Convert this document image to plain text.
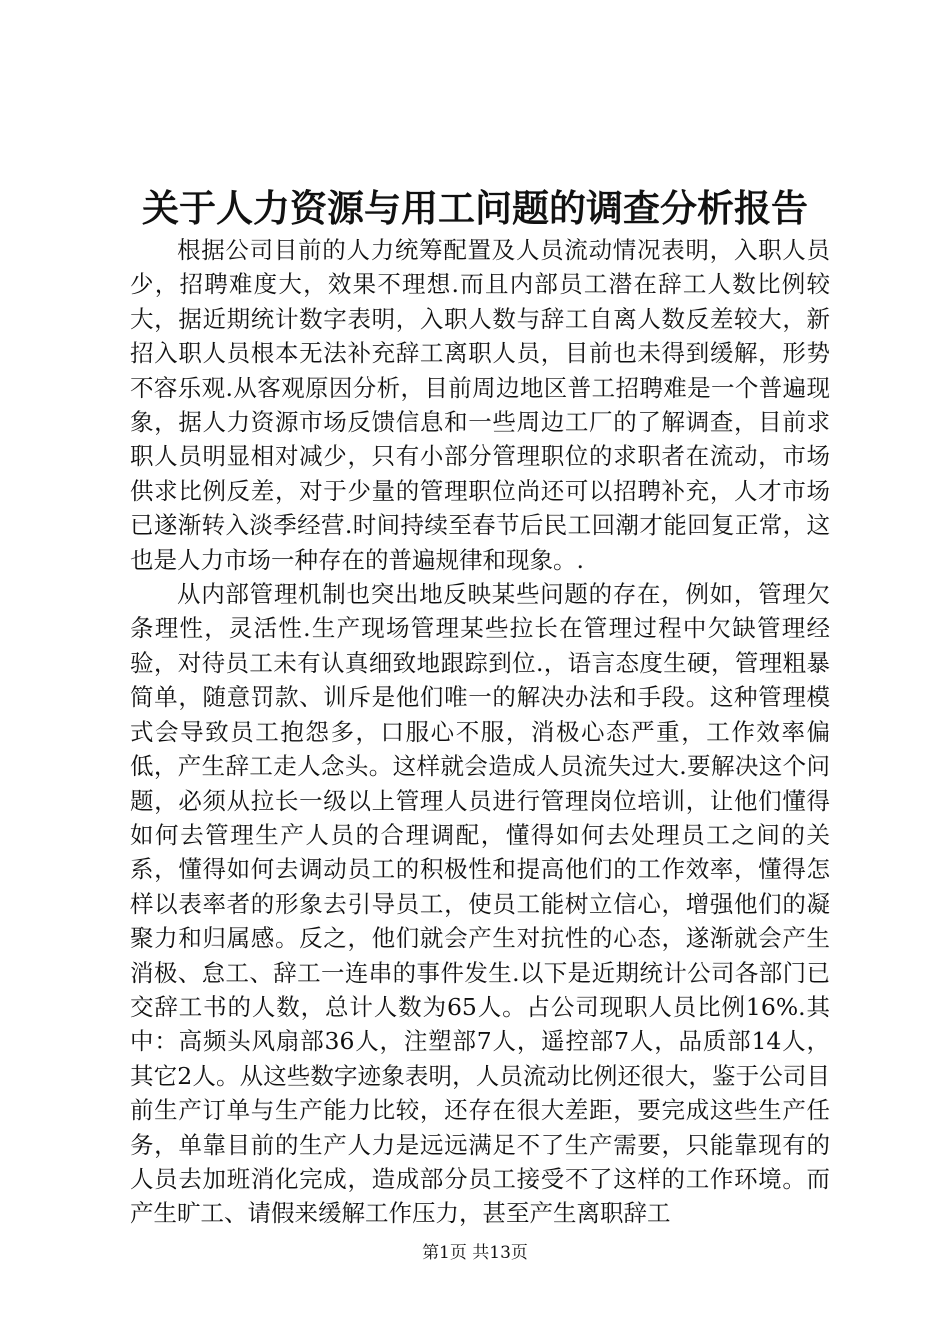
关于人力资源与用工问题的调查分析报告

根据公司目前的人力统筹配置及人员流动情况表明，入职人员少，招聘难度大，效果不理想.而且内部员工潜在辞工人数比例较大，据近期统计数字表明，入职人数与辞工自离人数反差较大，新招入职人员根本无法补充辞工离职人员，目前也未得到缓解，形势不容乐观.从客观原因分析，目前周边地区普工招聘难是一个普遍现象，据人力资源市场反馈信息和一些周边工厂的了解调查，目前求职人员明显相对减少，只有小部分管理职位的求职者在流动，市场供求比例反差，对于少量的管理职位尚还可以招聘补充，人才市场已遂渐转入淡季经营.时间持续至春节后民工回潮才能回复正常，这也是人力市场一种存在的普遍规律和现象。.

从内部管理机制也突出地反映某些问题的存在，例如，管理欠条理性，灵活性.生产现场管理某些拉长在管理过程中欠缺管理经验，对待员工未有认真细致地跟踪到位.，语言态度生硬，管理粗暴简单，随意罚款、训斥是他们唯一的解决办法和手段。这种管理模式会导致员工抱怨多，口服心不服，消极心态严重，工作效率偏低，产生辞工走人念头。这样就会造成人员流失过大.要解决这个问题，必须从拉长一级以上管理人员进行管理岗位培训，让他们懂得如何去管理生产人员的合理调配，懂得如何去处理员工之间的关系，懂得如何去调动员工的积极性和提高他们的工作效率，懂得怎样以表率者的形象去引导员工，使员工能树立信心，增强他们的凝聚力和归属感。反之，他们就会产生对抗性的心态，遂渐就会产生消极、怠工、辞工一连串的事件发生.以下是近期统计公司各部门已交辞工书的人数，总计人数为65人。占公司现职人员比例16%.其中：高频头风扇部36人，注塑部7人，遥控部7人，品质部14人，其它2人。从这些数字迹象表明，人员流动比例还很大，鉴于公司目前生产订单与生产能力比较，还存在很大差距，要完成这些生产任务，单靠目前的生产人力是远远满足不了生产需要，只能靠现有的人员去加班消化完成，造成部分员工接受不了这样的工作环境。而产生旷工、请假来缓解工作压力，甚至产生离职辞工

第1页 共13页
